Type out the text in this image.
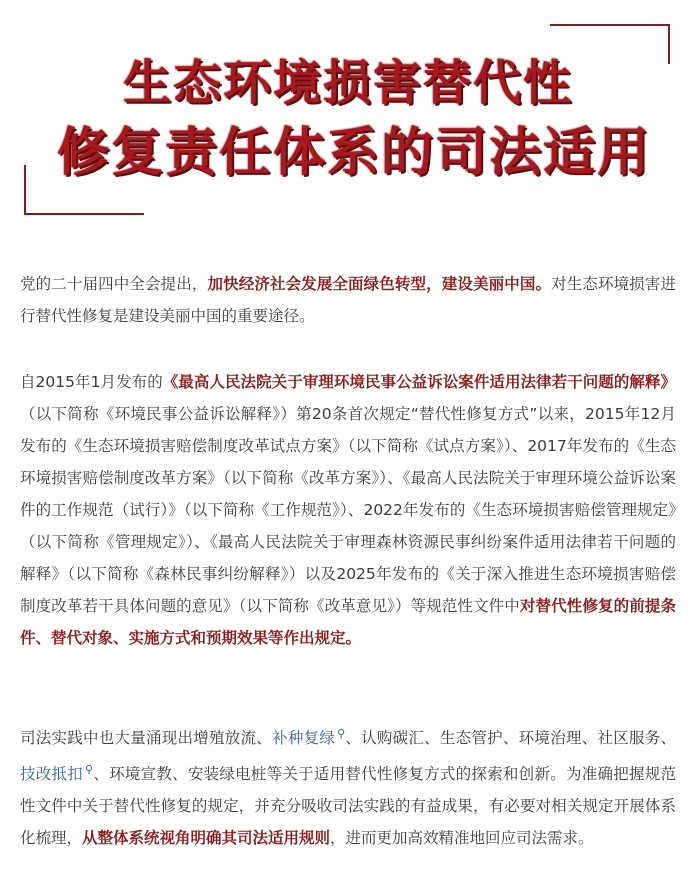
生态环境损害替代性
修复责任体系的司法适用
党的二十届四中全会提出，加快经济社会发展全面绿色转型，建设美丽中国。对生态环境损害进行替代性修复是建设美丽中国的重要途径。
自2015年1月发布的《最高人民法院关于审理环境民事公益诉讼案件适用法律若干问题的解释》（以下简称《环境民事公益诉讼解释》）第20条首次规定“替代性修复方式”以来，2015年12月发布的《生态环境损害赔偿制度改革试点方案》（以下简称《试点方案》）、2017年发布的《生态环境损害赔偿制度改革方案》（以下简称《改革方案》）、《最高人民法院关于审理环境公益诉讼案件的工作规范（试行）》（以下简称《工作规范》）、2022年发布的《生态环境损害赔偿管理规定》（以下简称《管理规定》）、《最高人民法院关于审理森林资源民事纠纷案件适用法律若干问题的解释》（以下简称《森林民事纠纷解释》）以及2025年发布的《关于深入推进生态环境损害赔偿制度改革若干具体问题的意见》（以下简称《改革意见》）等规范性文件中对替代性修复的前提条件、替代对象、实施方式和预期效果等作出规定。
司法实践中也大量涌现出增殖放流、补种复绿 ⚲、认购碳汇、生态管护、环境治理、社区服务、技改抵扣 ⚲、环境宣教、安装绿电桩等关于适用替代性修复方式的探索和创新。为准确把握规范性文件中关于替代性修复的规定，并充分吸收司法实践的有益成果，有必要对相关规定开展体系化梳理，从整体系统视角明确其司法适用规则，进而更加高效精准地回应司法需求。
